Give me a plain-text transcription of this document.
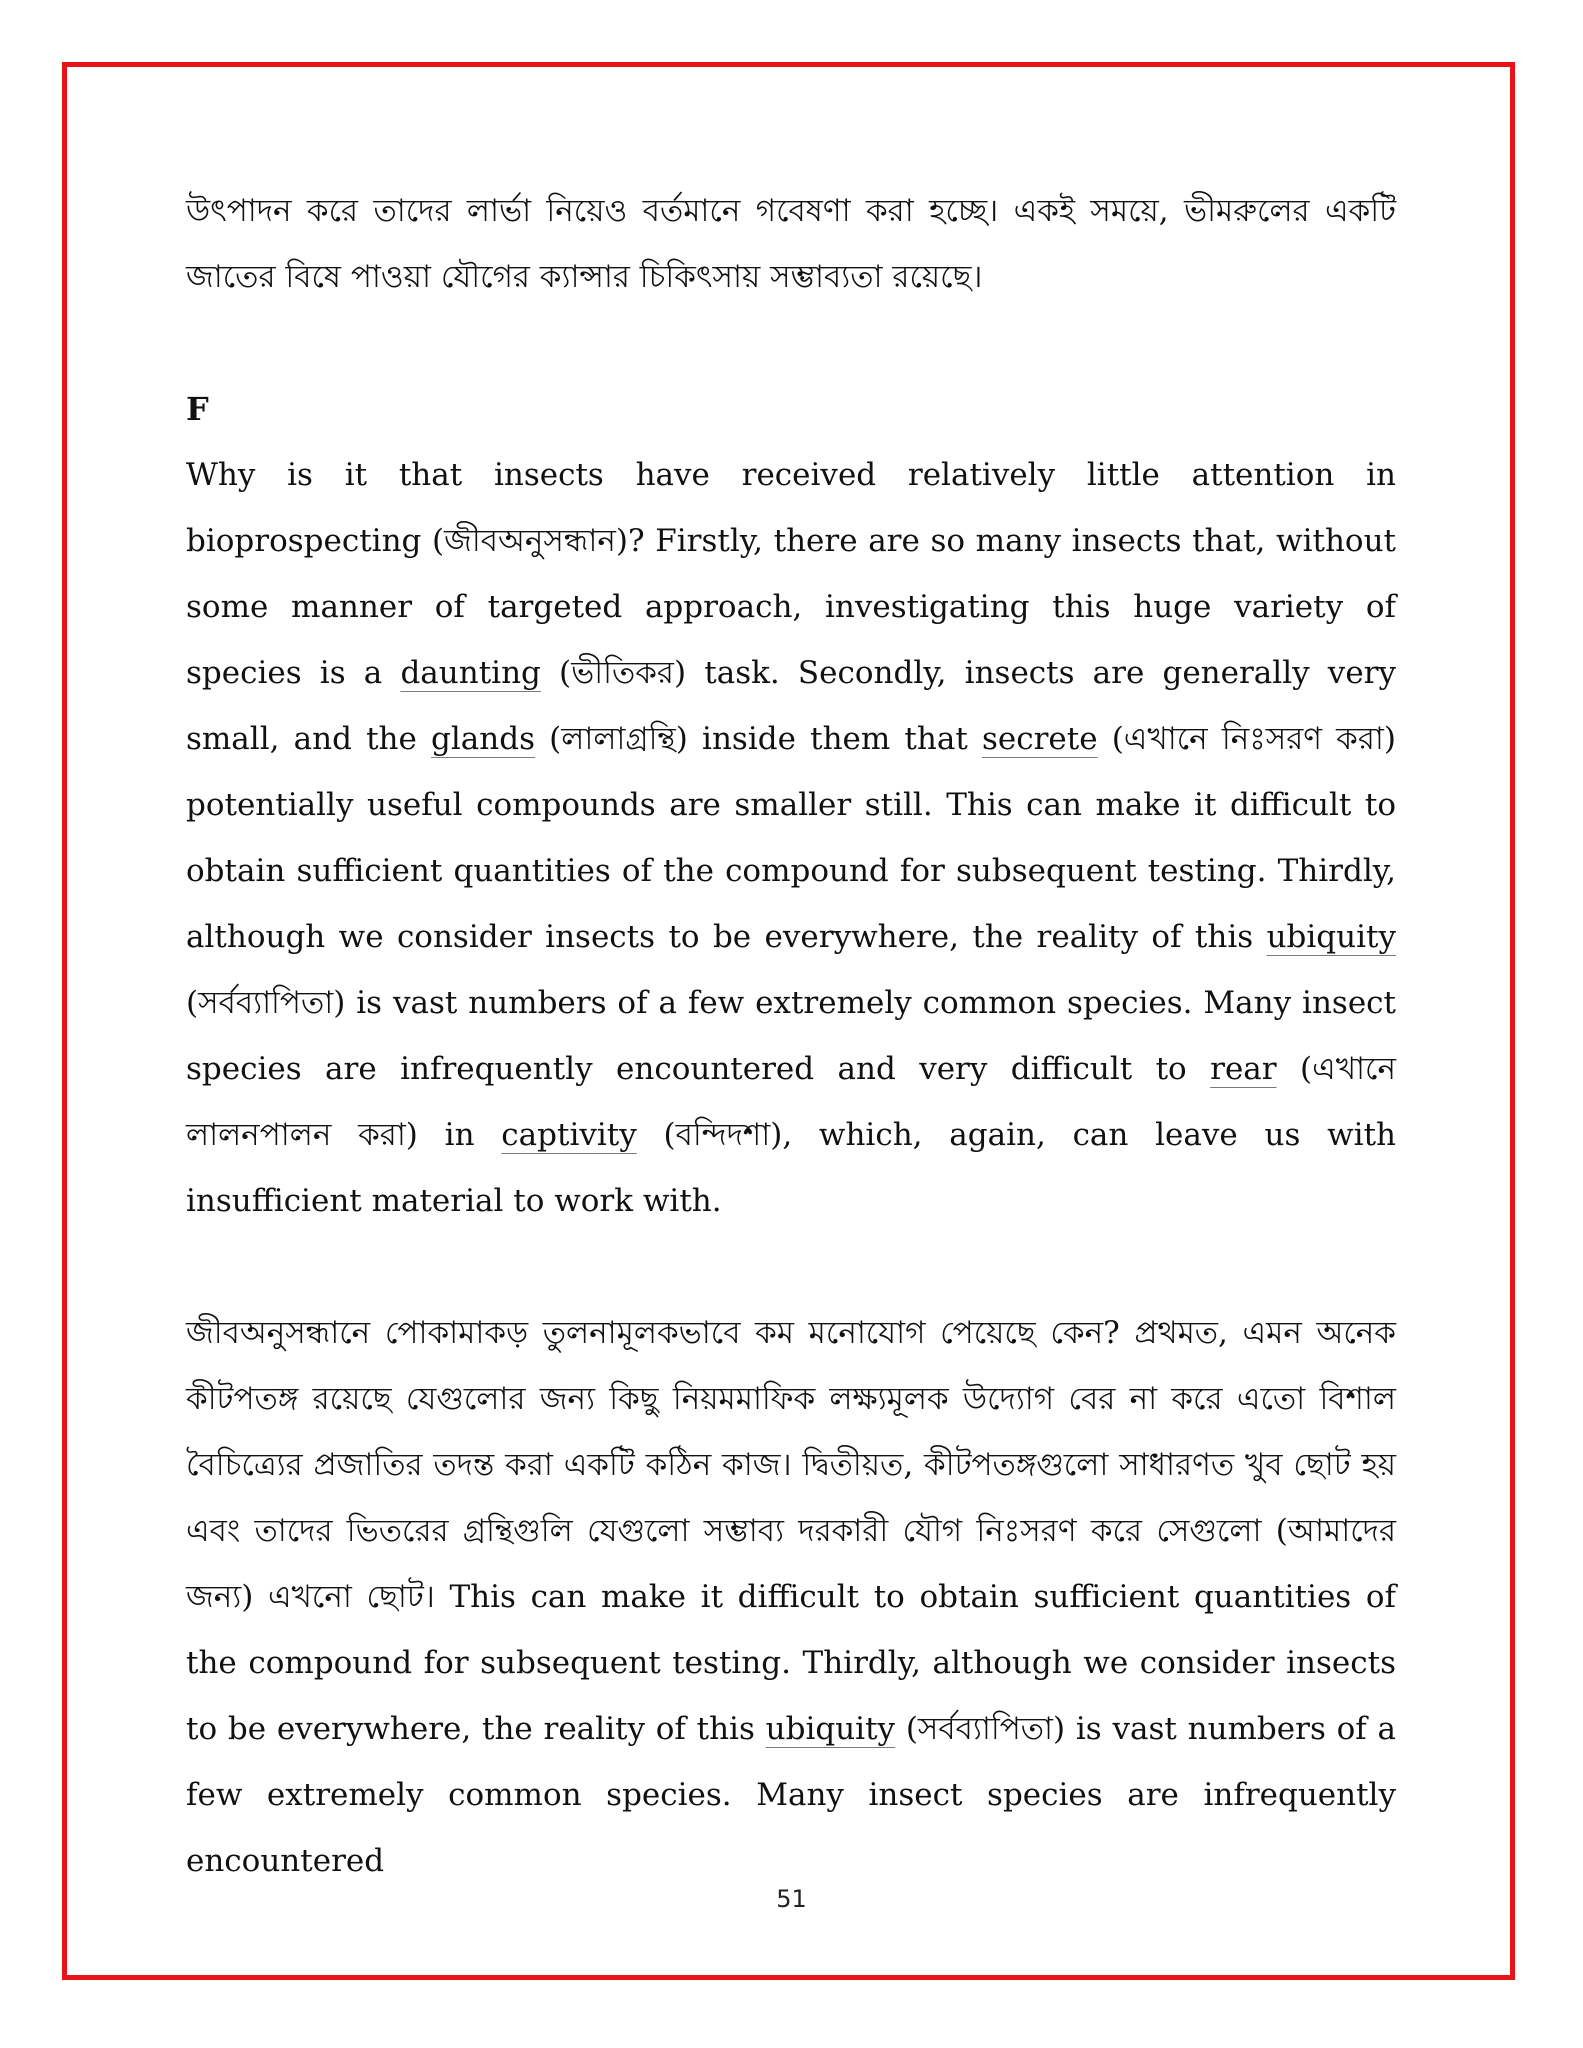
উৎপাদন করে তাদের লার্ভা নিয়েও বর্তমানে গবেষণা করা হচ্ছে। একই সময়ে, ভীমরুলের একটি জাতের বিষে পাওয়া যৌগের ক্যান্সার চিকিৎসায় সম্ভাব্যতা রয়েছে।

F

Why is it that insects have received relatively little attention in bioprospecting (জীবঅনুসন্ধান)? Firstly, there are so many insects that, without some manner of targeted approach, investigating this huge variety of species is a daunting (ভীতিকর) task. Secondly, insects are generally very small, and the glands (লালাগ্রন্থি) inside them that secrete (এখানে নিঃসরণ করা) potentially useful compounds are smaller still. This can make it difficult to obtain sufficient quantities of the compound for subsequent testing. Thirdly, although we consider insects to be everywhere, the reality of this ubiquity (সর্বব্যাপিতা) is vast numbers of a few extremely common species. Many insect species are infrequently encountered and very difficult to rear (এখানে লালনপালন করা) in captivity (বন্দিদশা), which, again, can leave us with insufficient material to work with.

জীবঅনুসন্ধানে পোকামাকড় তুলনামূলকভাবে কম মনোযোগ পেয়েছে কেন? প্রথমত, এমন অনেক কীটপতঙ্গ রয়েছে যেগুলোর জন্য কিছু নিয়মমাফিক লক্ষ্যমূলক উদ্যোগ বের না করে এতো বিশাল বৈচিত্র্যের প্রজাতির তদন্ত করা একটি কঠিন কাজ। দ্বিতীয়ত, কীটপতঙ্গগুলো সাধারণত খুব ছোট হয় এবং তাদের ভিতরের গ্রন্থিগুলি যেগুলো সম্ভাব্য দরকারী যৌগ নিঃসরণ করে সেগুলো (আমাদের জন্য) এখনো ছোট। This can make it difficult to obtain sufficient quantities of the compound for subsequent testing. Thirdly, although we consider insects to be everywhere, the reality of this ubiquity (সর্বব্যাপিতা) is vast numbers of a few extremely common species. Many insect species are infrequently encountered

51
